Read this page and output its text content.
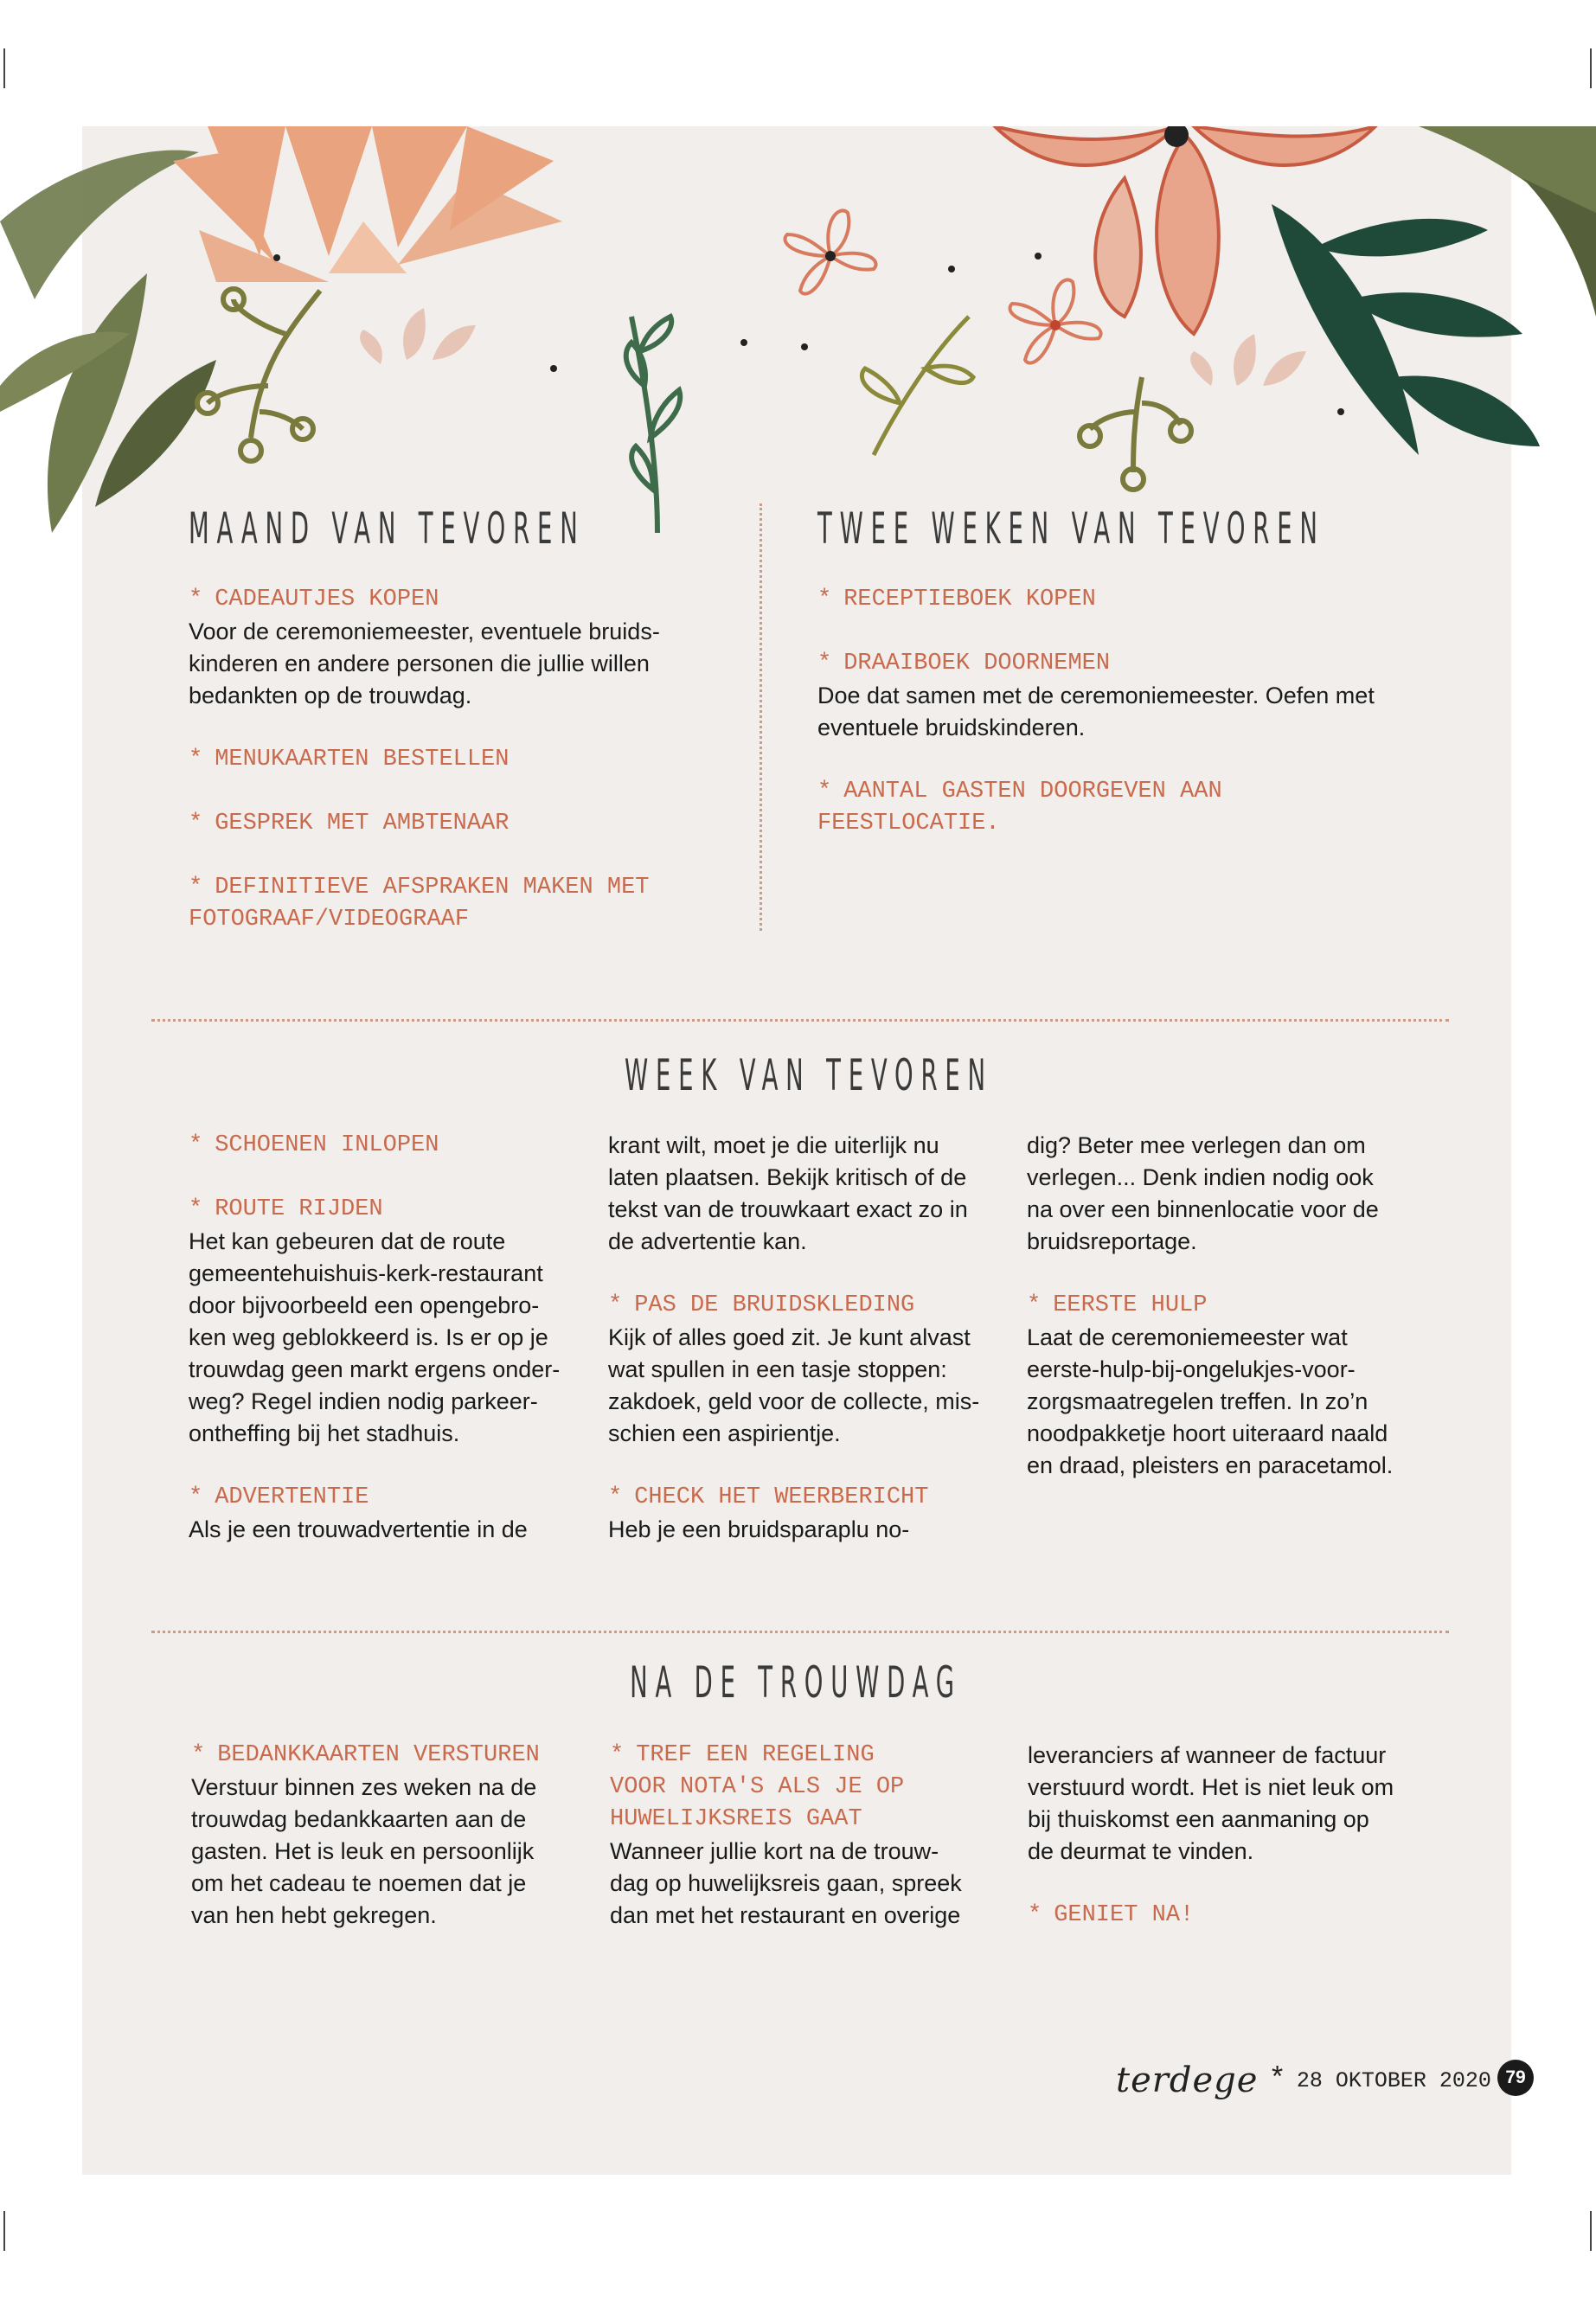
MAAND VAN TEVOREN
* CADEAUTJES KOPEN
Voor de ceremoniemeester, eventuele bruids-
kinderen en andere personen die jullie willen
bedankten op de trouwdag.
* MENUKAARTEN BESTELLEN
* GESPREK MET AMBTENAAR
* DEFINITIEVE AFSPRAKEN MAKEN MET
FOTOGRAAF/VIDEOGRAAF
TWEE WEKEN VAN TEVOREN
* RECEPTIEBOEK KOPEN
* DRAAIBOEK DOORNEMEN
Doe dat samen met de ceremoniemeester. Oefen met
eventuele bruidskinderen.
* AANTAL GASTEN DOORGEVEN AAN
FEESTLOCATIE.
WEEK VAN TEVOREN
* SCHOENEN INLOPEN
* ROUTE RIJDEN
Het kan gebeuren dat de route
gemeentehuishuis-kerk-restaurant
door bijvoorbeeld een opengebro-
ken weg geblokkeerd is. Is er op je
trouwdag geen markt ergens onder-
weg? Regel indien nodig parkeer-
ontheffing bij het stadhuis.
* ADVERTENTIE
Als je een trouwadvertentie in de
krant wilt, moet je die uiterlijk nu
laten plaatsen. Bekijk kritisch of de
tekst van de trouwkaart exact zo in
de advertentie kan.
* PAS DE BRUIDSKLEDING
Kijk of alles goed zit. Je kunt alvast
wat spullen in een tasje stoppen:
zakdoek, geld voor de collecte, mis-
schien een aspirientje.
* CHECK HET WEERBERICHT
Heb je een bruidsparaplu no-
dig? Beter mee verlegen dan om
verlegen... Denk indien nodig ook
na over een binnenlocatie voor de
bruidsreportage.
* EERSTE HULP
Laat de ceremoniemeester wat
eerste-hulp-bij-ongelukjes-voor-
zorgsmaatregelen treffen. In zo’n
noodpakketje hoort uiteraard naald
en draad, pleisters en paracetamol.
NA DE TROUWDAG
* BEDANKKAARTEN VERSTUREN
Verstuur binnen zes weken na de
trouwdag bedankkaarten aan de
gasten. Het is leuk en persoonlijk
om het cadeau te noemen dat je
van hen hebt gekregen.
* TREF EEN REGELING
VOOR NOTA'S ALS JE OP
HUWELIJKSREIS GAAT
Wanneer jullie kort na de trouw-
dag op huwelijksreis gaan, spreek
dan met het restaurant en overige
leveranciers af wanneer de factuur
verstuurd wordt. Het is niet leuk om
bij thuiskomst een aanmaning op
de deurmat te vinden.
* GENIET NA!
terdege * 28 OKTOBER 2020 79
